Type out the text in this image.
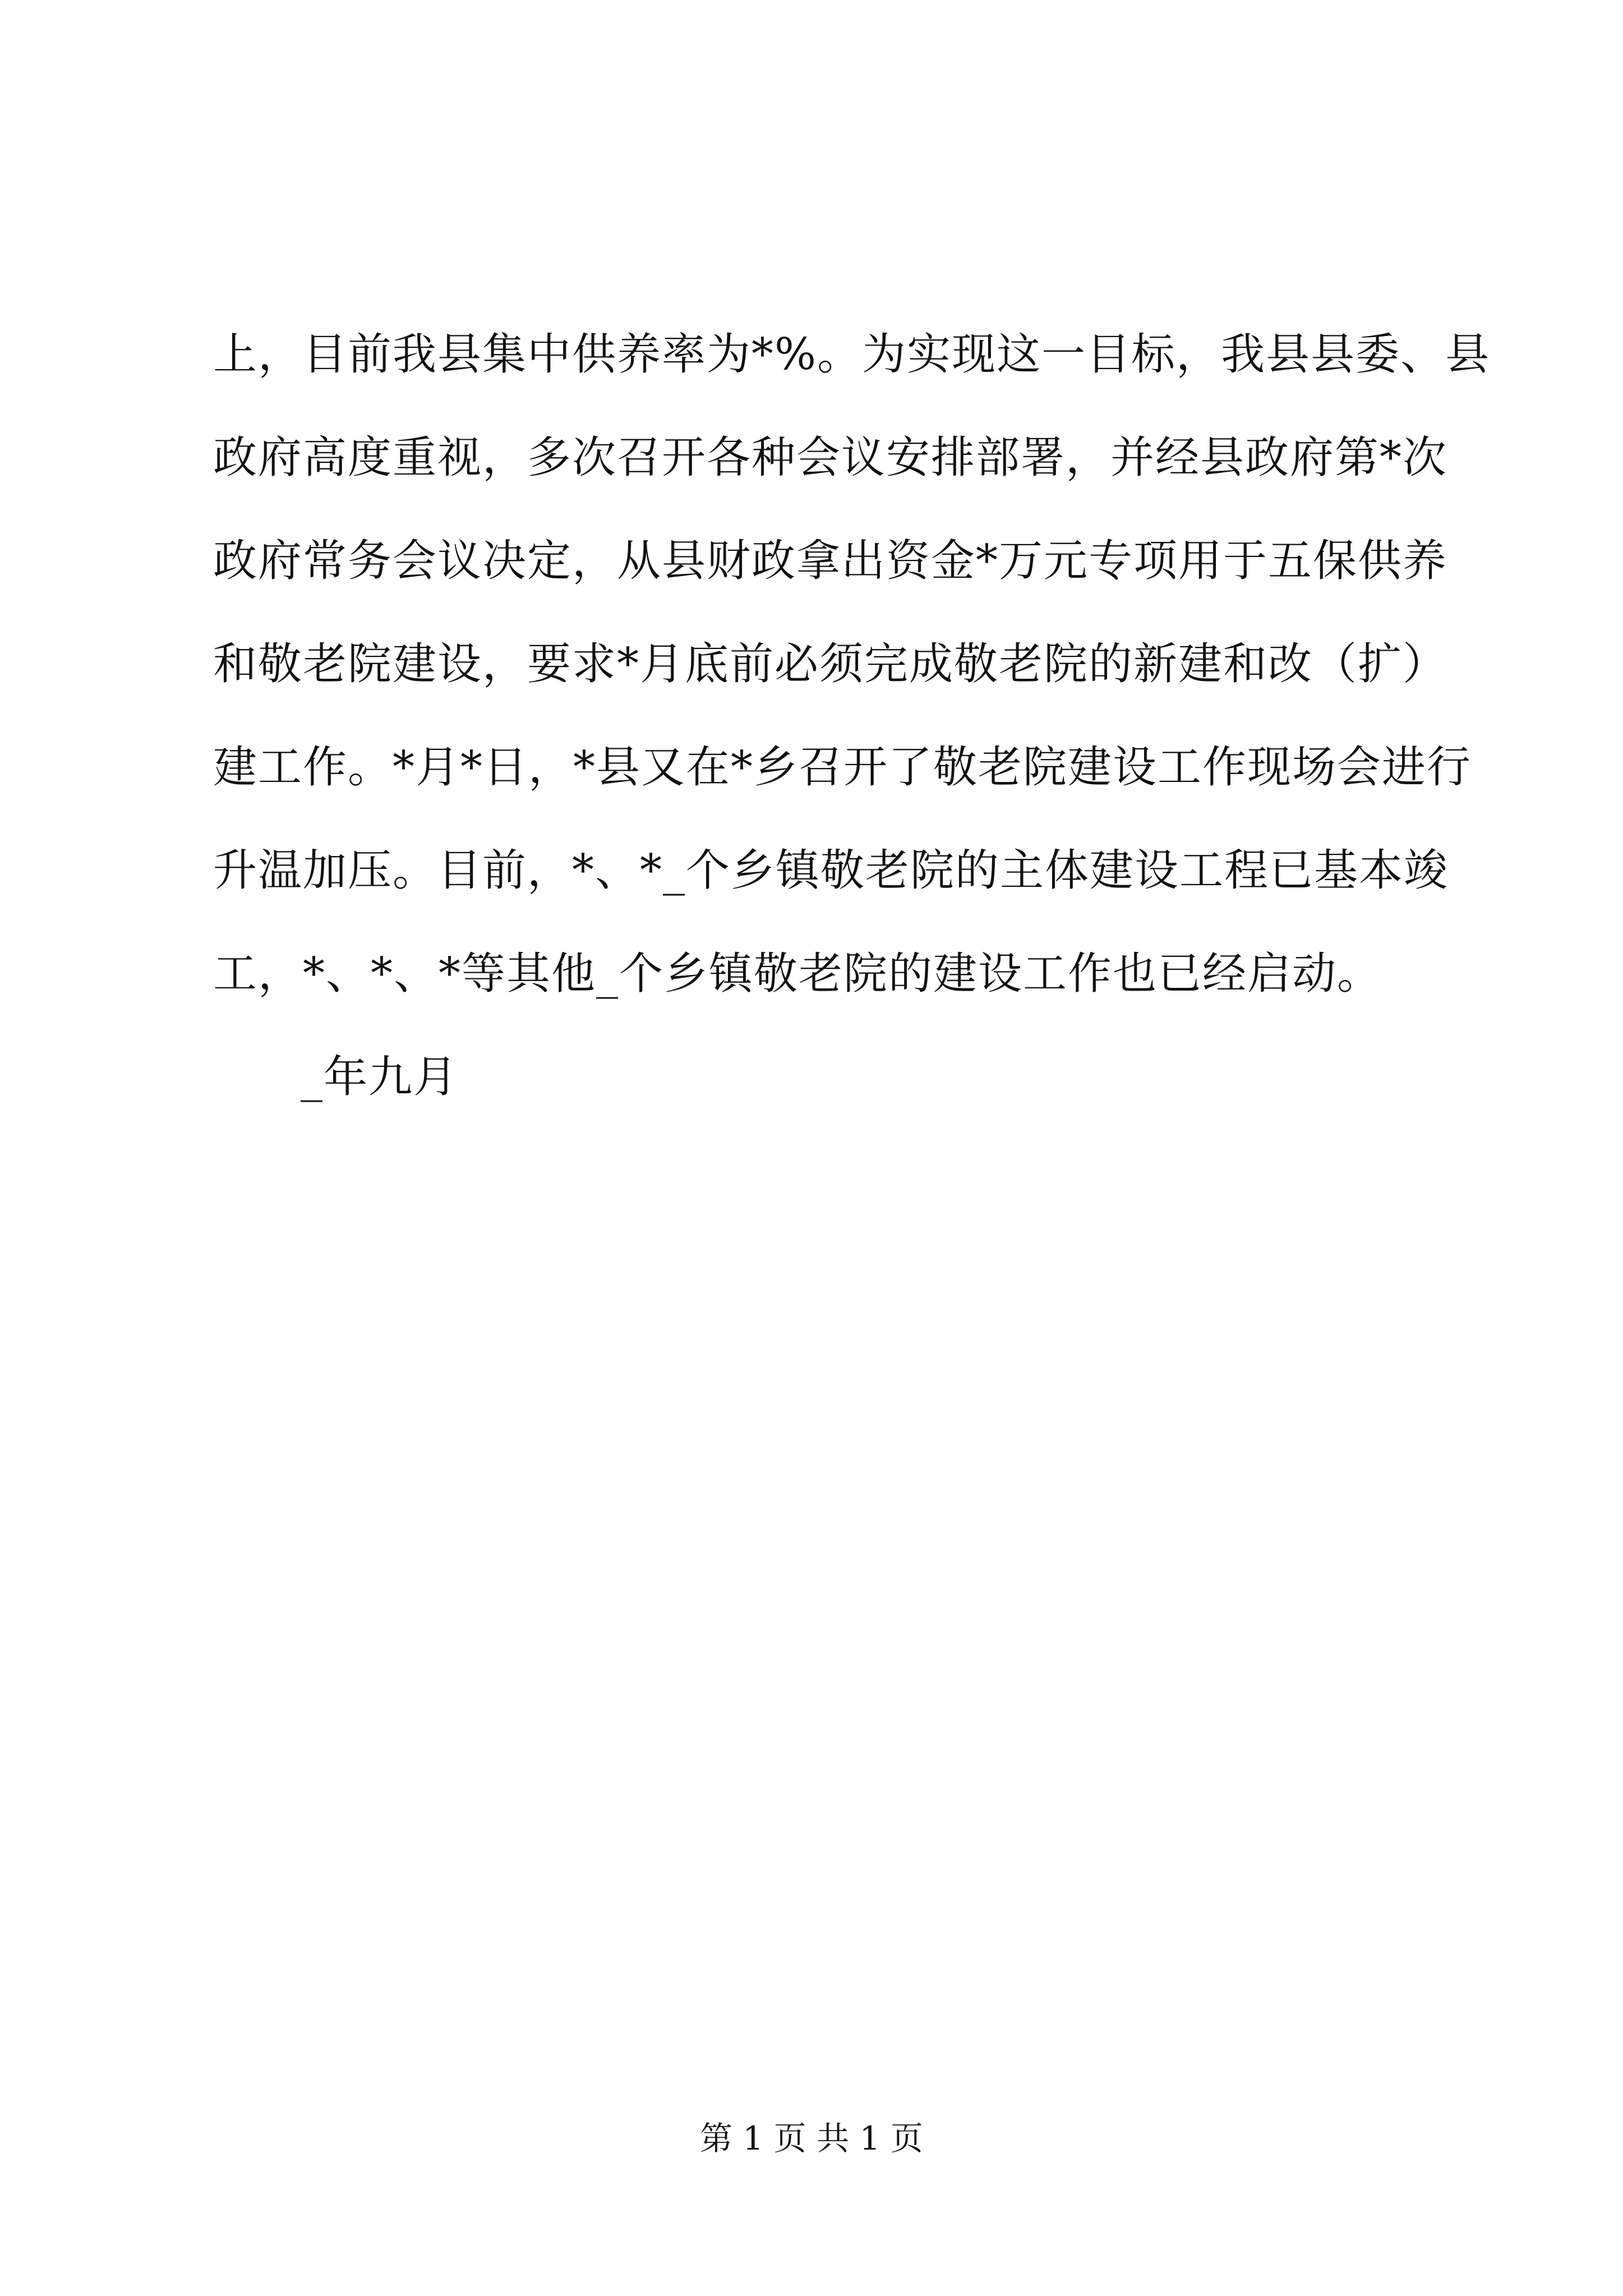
上，目前我县集中供养率为*%。为实现这一目标，我县县委、县
政府高度重视，多次召开各种会议安排部署，并经县政府第*次
政府常务会议决定，从县财政拿出资金*万元专项用于五保供养
和敬老院建设，要求*月底前必须完成敬老院的新建和改（扩）
建工作。*月*日，*县又在*乡召开了敬老院建设工作现场会进行
升温加压。目前，*、*_个乡镇敬老院的主体建设工程已基本竣
工，*、*、*等其他_个乡镇敬老院的建设工作也已经启动。
_年九月
第 1 页 共 1 页
